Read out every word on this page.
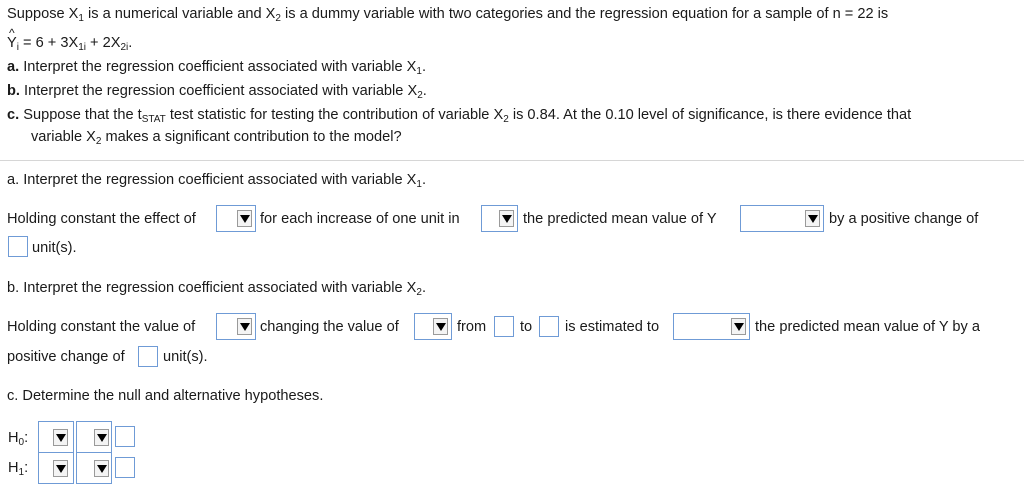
Suppose $X_1$ is a numerical variable and $X_2$ is a dummy variable with two categories and the regression equation for a sample of n = 22 is
^ $Y_i = 6 + 3X_{1i} + 2X_{2i}$.
a. Interpret the regression coefficient associated with variable $X_1$.
b. Interpret the regression coefficient associated with variable $X_2$.
c. Suppose that the $t_{STAT}$ test statistic for testing the contribution of variable $X_2$ is 0.84. At the 0.10 level of significance, is there evidence that
variable $X_2$ makes a significant contribution to the model?
a. Interpret the regression coefficient associated with variable $X_1$.
Holding constant the effect of	for each increase of one unit in	the predicted mean value of Y	by a positive change of
unit(s).
b. Interpret the regression coefficient associated with variable $X_2$.
Holding constant the value of	changing the value of	from to is estimated to	the predicted mean value of Y by a
positive change of	unit(s).
c. Determine the null and alternative hypotheses.
$H_0$:
$H_1$:
